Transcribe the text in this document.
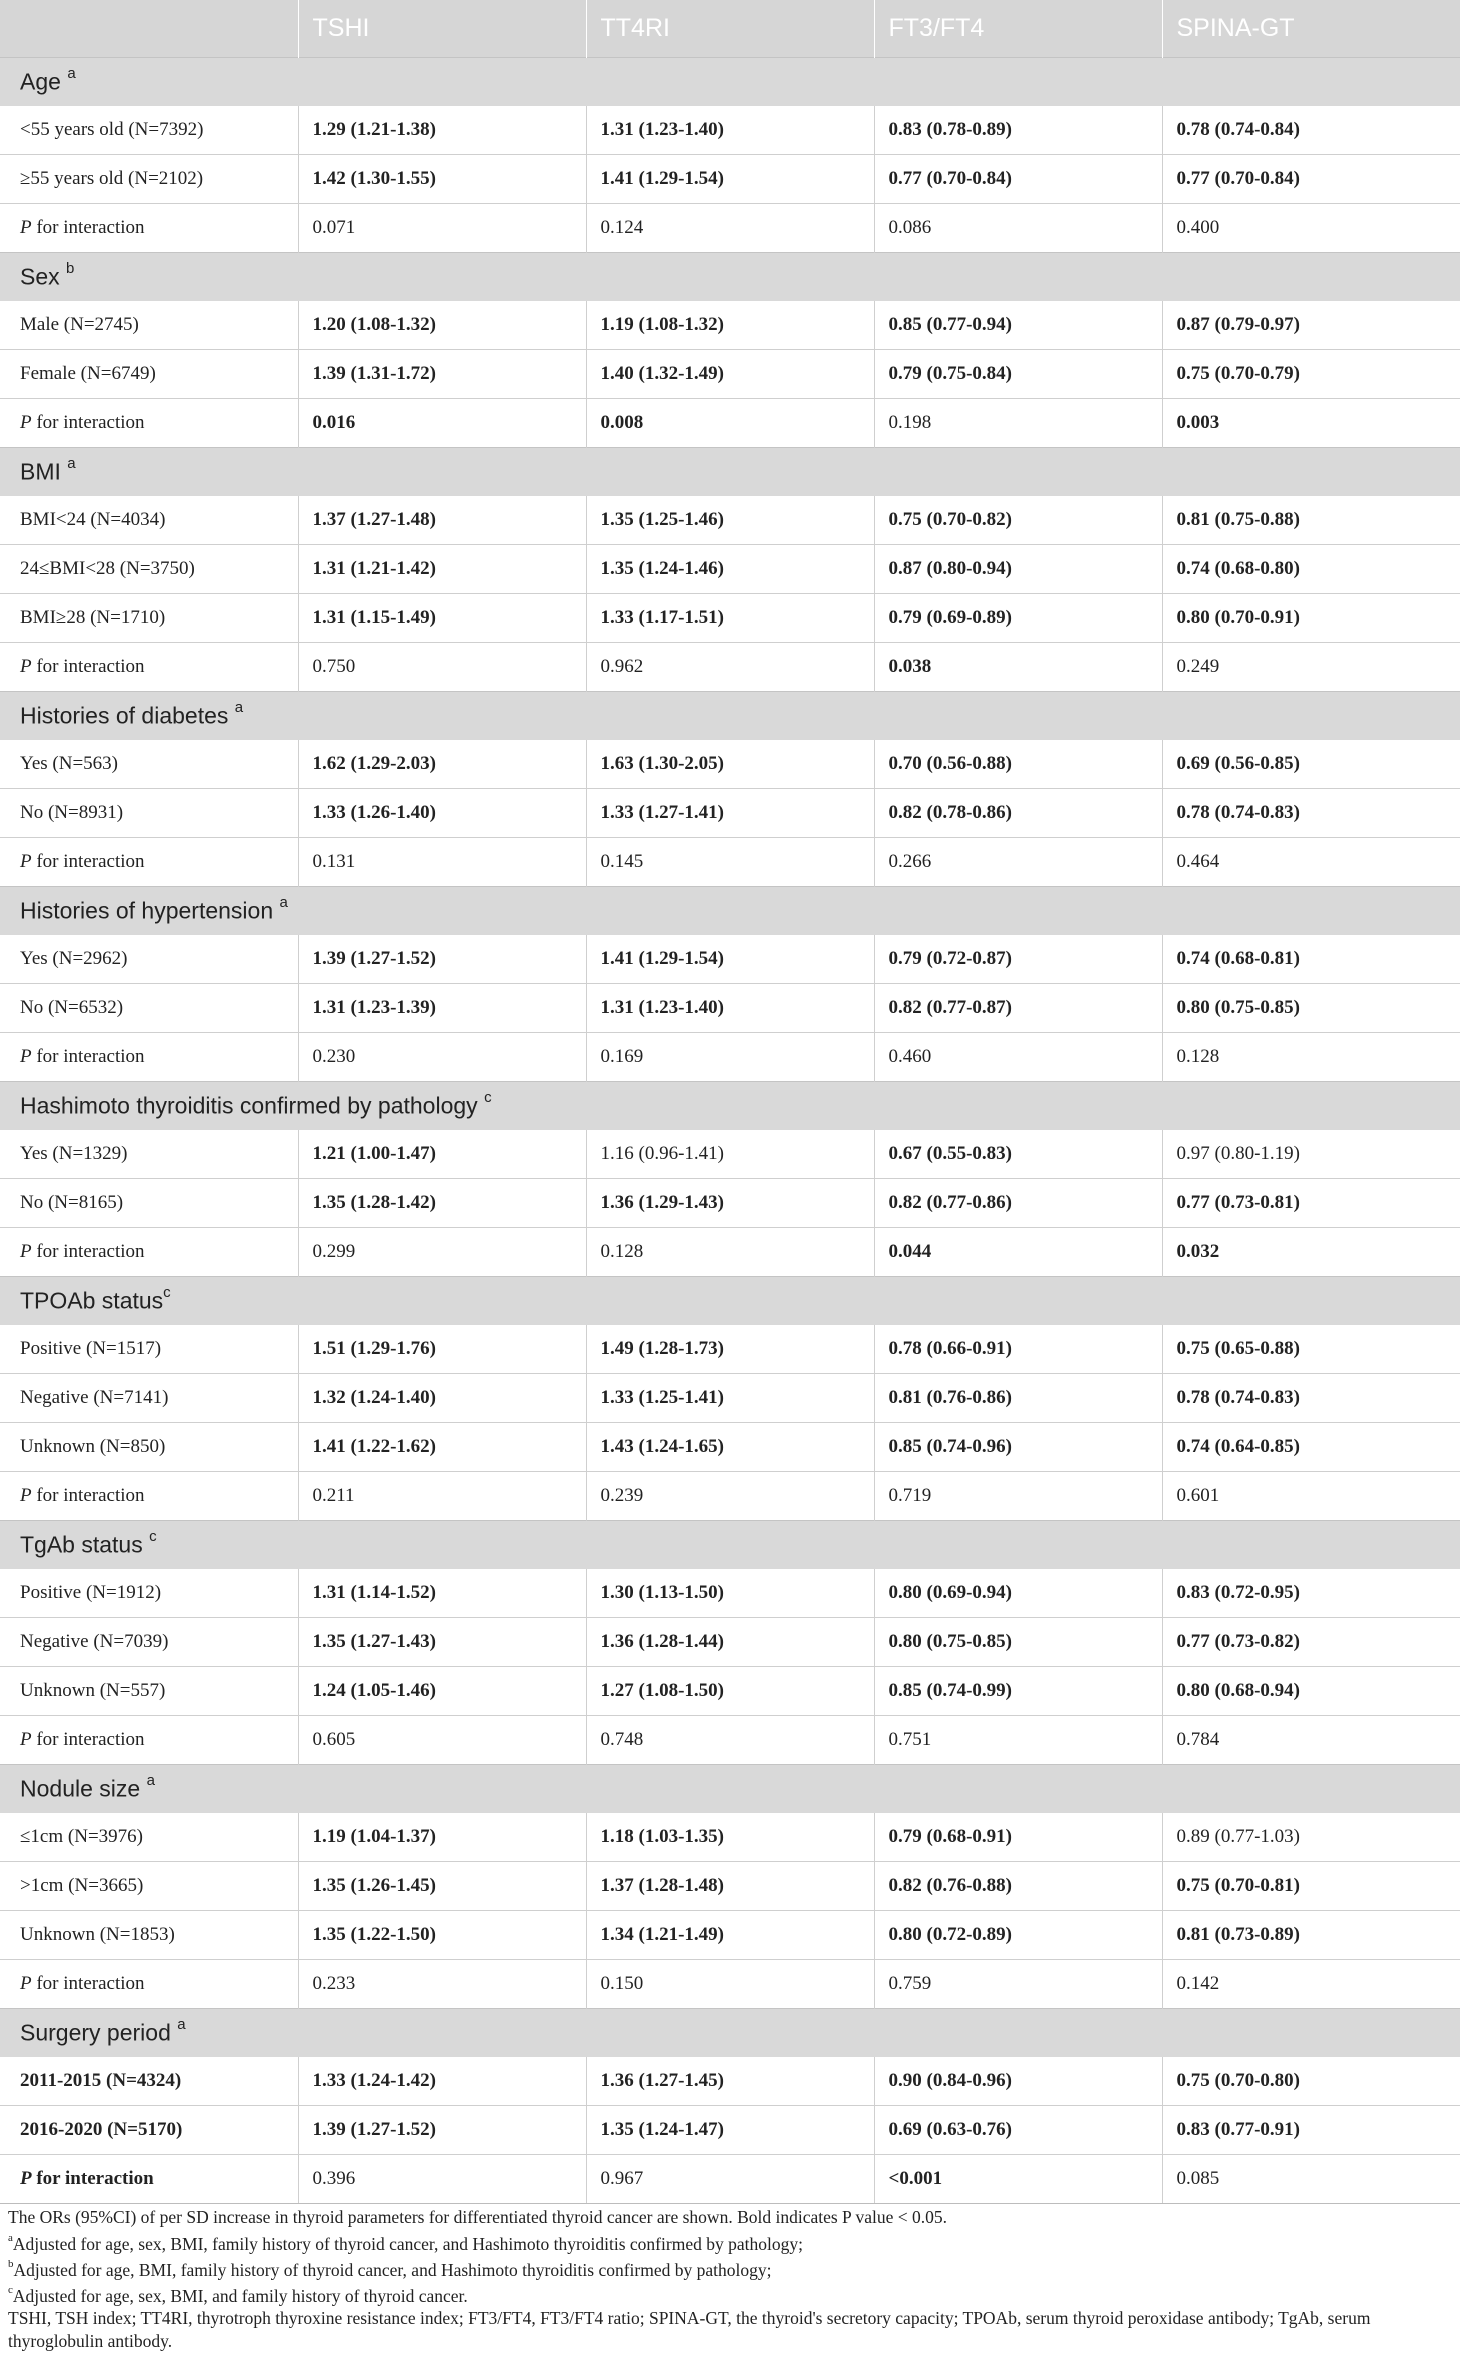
	TSHI	TT4RI	FT3/FT4	SPINA-GT
Age $^a$
<55 years old (N=7392)	1.29 (1.21-1.38)	1.31 (1.23-1.40)	0.83 (0.78-0.89)	0.78 (0.74-0.84)
≥55 years old (N=2102)	1.42 (1.30-1.55)	1.41 (1.29-1.54)	0.77 (0.70-0.84)	0.77 (0.70-0.84)
P for interaction	0.071	0.124	0.086	0.400
Sex $^b$
Male (N=2745)	1.20 (1.08-1.32)	1.19 (1.08-1.32)	0.85 (0.77-0.94)	0.87 (0.79-0.97)
Female (N=6749)	1.39 (1.31-1.72)	1.40 (1.32-1.49)	0.79 (0.75-0.84)	0.75 (0.70-0.79)
P for interaction	0.016	0.008	0.198	0.003
BMI $^a$
BMI<24 (N=4034)	1.37 (1.27-1.48)	1.35 (1.25-1.46)	0.75 (0.70-0.82)	0.81 (0.75-0.88)
24≤BMI<28 (N=3750)	1.31 (1.21-1.42)	1.35 (1.24-1.46)	0.87 (0.80-0.94)	0.74 (0.68-0.80)
BMI≥28 (N=1710)	1.31 (1.15-1.49)	1.33 (1.17-1.51)	0.79 (0.69-0.89)	0.80 (0.70-0.91)
P for interaction	0.750	0.962	0.038	0.249
Histories of diabetes $^a$
Yes (N=563)	1.62 (1.29-2.03)	1.63 (1.30-2.05)	0.70 (0.56-0.88)	0.69 (0.56-0.85)
No (N=8931)	1.33 (1.26-1.40)	1.33 (1.27-1.41)	0.82 (0.78-0.86)	0.78 (0.74-0.83)
P for interaction	0.131	0.145	0.266	0.464
Histories of hypertension $^a$
Yes (N=2962)	1.39 (1.27-1.52)	1.41 (1.29-1.54)	0.79 (0.72-0.87)	0.74 (0.68-0.81)
No (N=6532)	1.31 (1.23-1.39)	1.31 (1.23-1.40)	0.82 (0.77-0.87)	0.80 (0.75-0.85)
P for interaction	0.230	0.169	0.460	0.128
Hashimoto thyroiditis confirmed by pathology $^c$
Yes (N=1329)	1.21 (1.00-1.47)	1.16 (0.96-1.41)	0.67 (0.55-0.83)	0.97 (0.80-1.19)
No (N=8165)	1.35 (1.28-1.42)	1.36 (1.29-1.43)	0.82 (0.77-0.86)	0.77 (0.73-0.81)
P for interaction	0.299	0.128	0.044	0.032
TPOAb status$^c$
Positive (N=1517)	1.51 (1.29-1.76)	1.49 (1.28-1.73)	0.78 (0.66-0.91)	0.75 (0.65-0.88)
Negative (N=7141)	1.32 (1.24-1.40)	1.33 (1.25-1.41)	0.81 (0.76-0.86)	0.78 (0.74-0.83)
Unknown (N=850)	1.41 (1.22-1.62)	1.43 (1.24-1.65)	0.85 (0.74-0.96)	0.74 (0.64-0.85)
P for interaction	0.211	0.239	0.719	0.601
TgAb status $^c$
Positive (N=1912)	1.31 (1.14-1.52)	1.30 (1.13-1.50)	0.80 (0.69-0.94)	0.83 (0.72-0.95)
Negative (N=7039)	1.35 (1.27-1.43)	1.36 (1.28-1.44)	0.80 (0.75-0.85)	0.77 (0.73-0.82)
Unknown (N=557)	1.24 (1.05-1.46)	1.27 (1.08-1.50)	0.85 (0.74-0.99)	0.80 (0.68-0.94)
P for interaction	0.605	0.748	0.751	0.784
Nodule size $^a$
≤1cm (N=3976)	1.19 (1.04-1.37)	1.18 (1.03-1.35)	0.79 (0.68-0.91)	0.89 (0.77-1.03)
>1cm (N=3665)	1.35 (1.26-1.45)	1.37 (1.28-1.48)	0.82 (0.76-0.88)	0.75 (0.70-0.81)
Unknown (N=1853)	1.35 (1.22-1.50)	1.34 (1.21-1.49)	0.80 (0.72-0.89)	0.81 (0.73-0.89)
P for interaction	0.233	0.150	0.759	0.142
Surgery period $^a$
2011-2015 (N=4324)	1.33 (1.24-1.42)	1.36 (1.27-1.45)	0.90 (0.84-0.96)	0.75 (0.70-0.80)
2016-2020 (N=5170)	1.39 (1.27-1.52)	1.35 (1.24-1.47)	0.69 (0.63-0.76)	0.83 (0.77-0.91)
P for interaction	0.396	0.967	<0.001	0.085

The ORs (95%CI) of per SD increase in thyroid parameters for differentiated thyroid cancer are shown. Bold indicates P value < 0.05.

$^a$Adjusted for age, sex, BMI, family history of thyroid cancer, and Hashimoto thyroiditis confirmed by pathology;

$^b$Adjusted for age, BMI, family history of thyroid cancer, and Hashimoto thyroiditis confirmed by pathology;

$^c$Adjusted for age, sex, BMI, and family history of thyroid cancer.

TSHI, TSH index; TT4RI, thyrotroph thyroxine resistance index; FT3/FT4, FT3/FT4 ratio; SPINA-GT, the thyroid's secretory capacity; TPOAb, serum thyroid peroxidase antibody; TgAb, serum thyroglobulin antibody.
